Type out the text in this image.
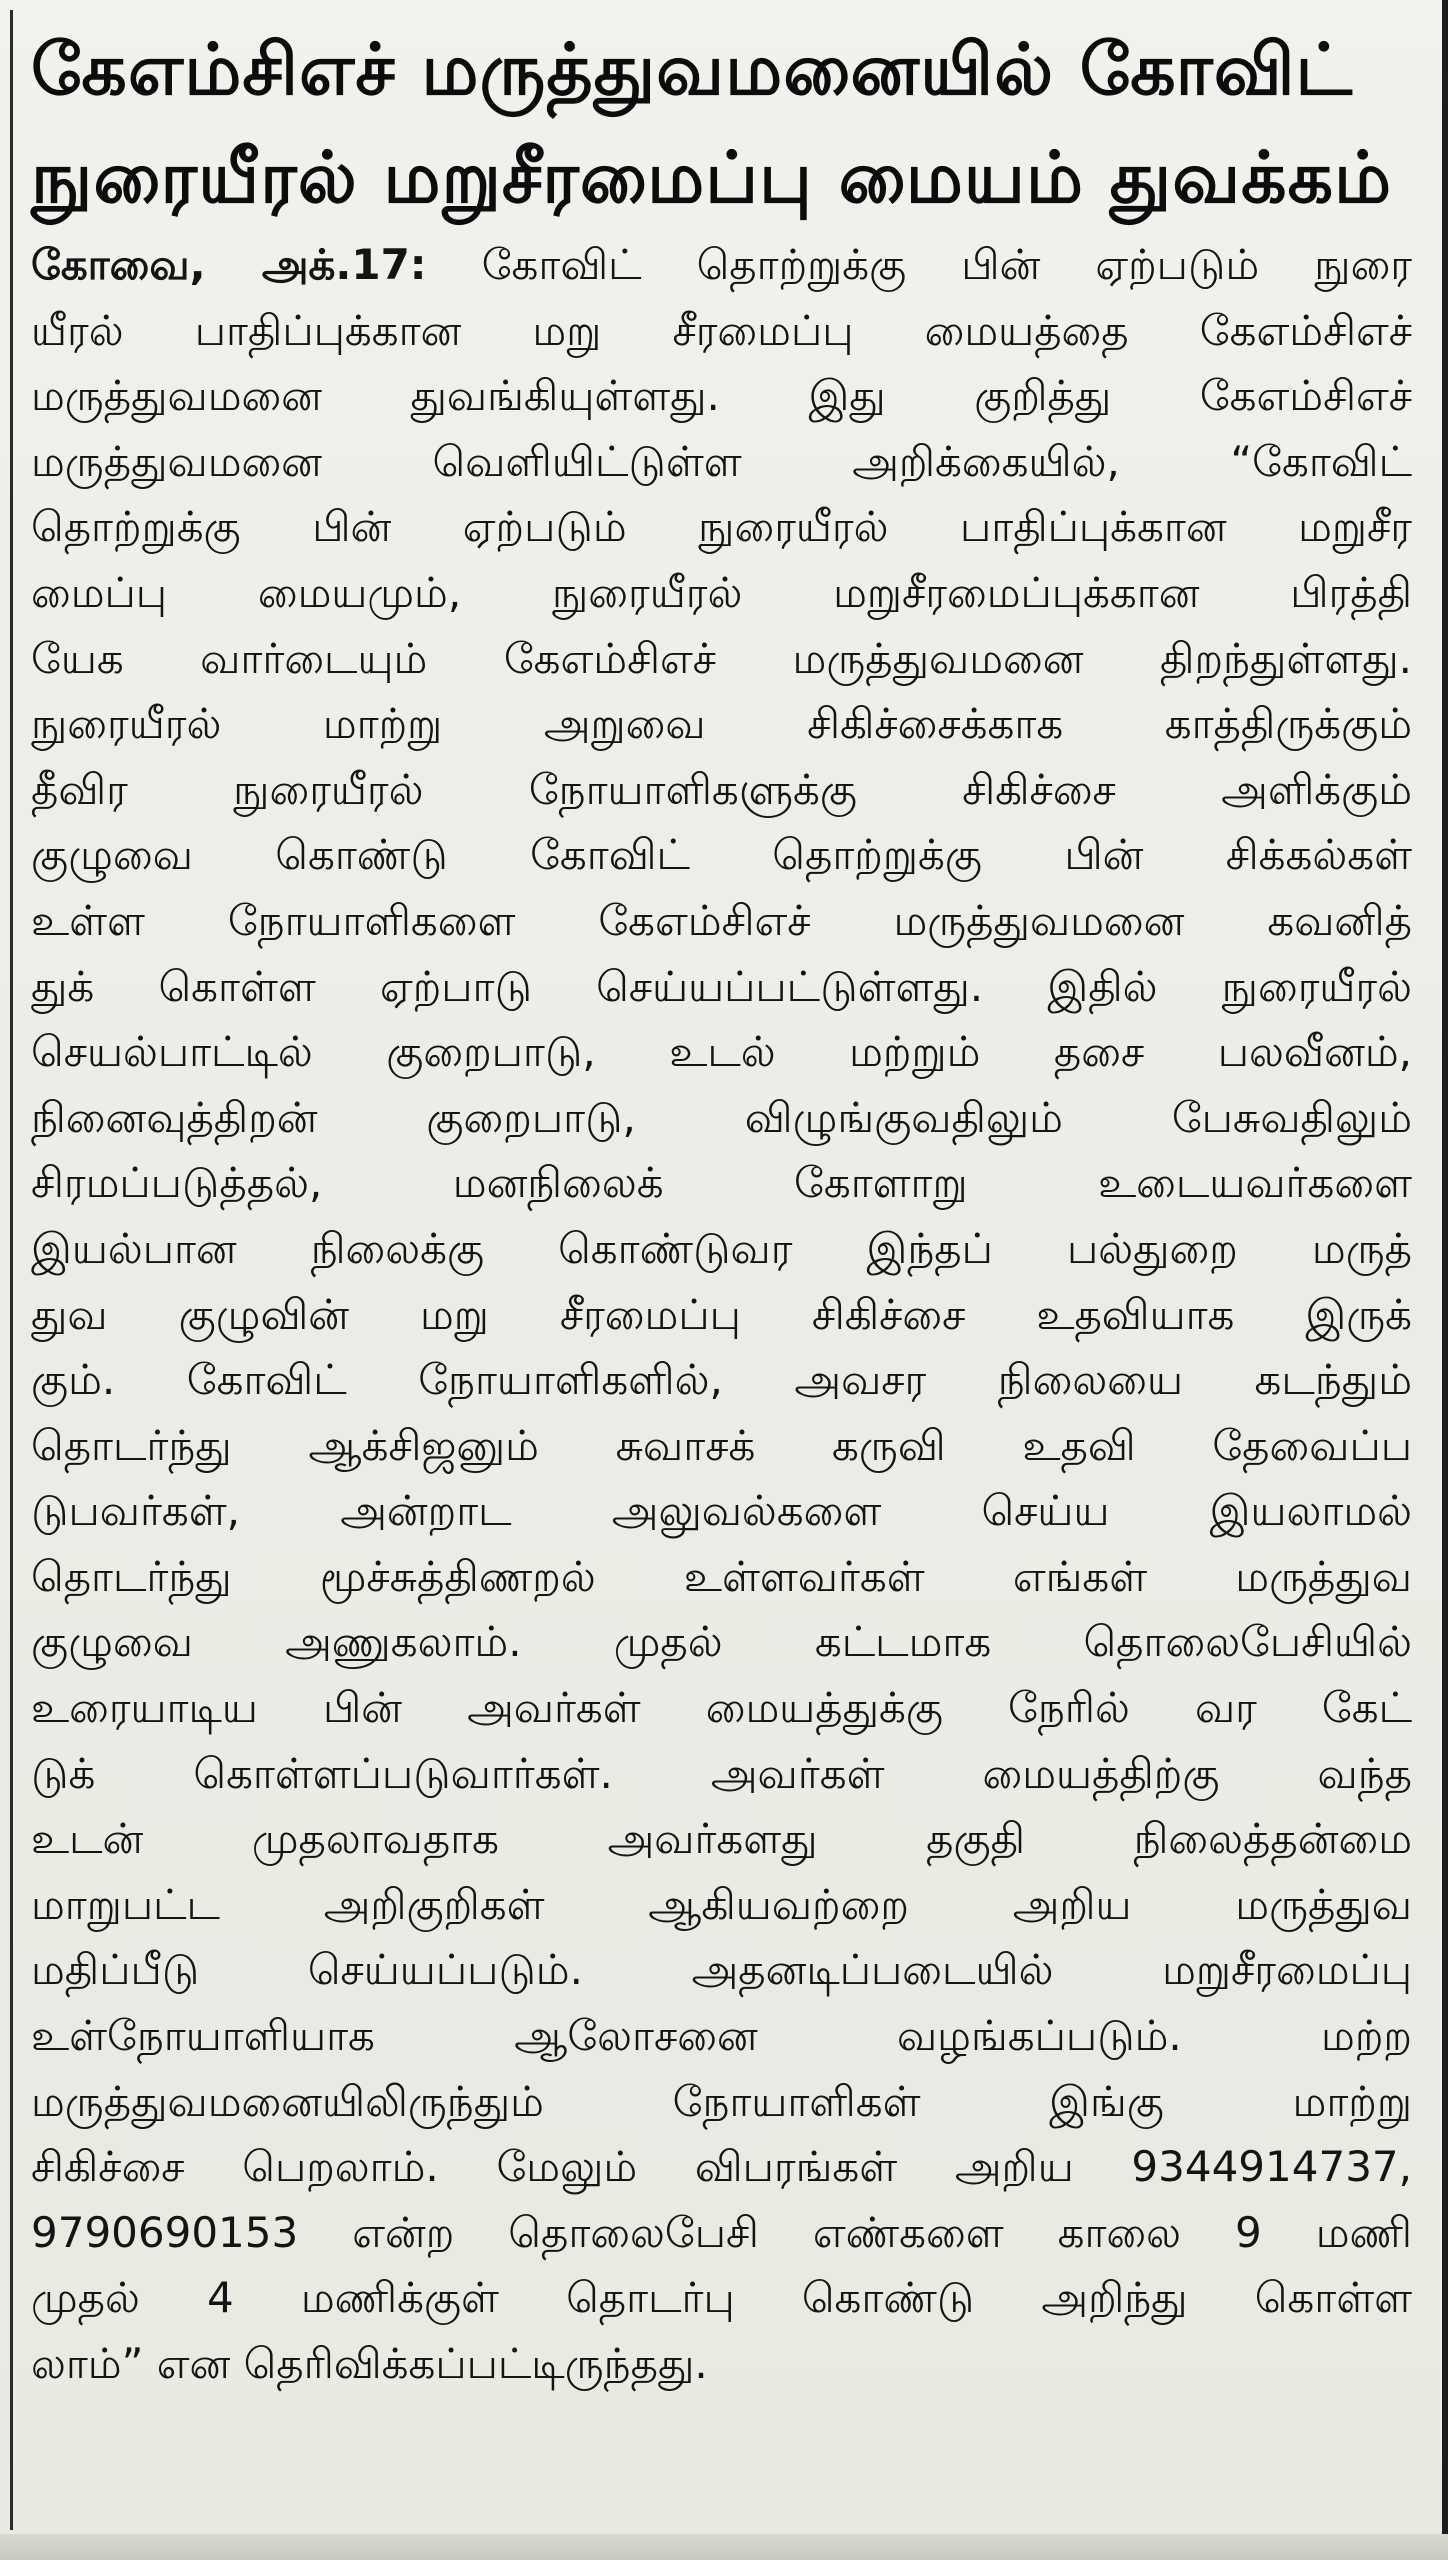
கேஎம்சிஎச் மருத்துவமனையில் கோவிட்
நுரையீரல் மறுசீரமைப்பு மையம் துவக்கம்
கோவை, அக்.17: கோவிட் தொற்றுக்கு பின் ஏற்படும் நுரை
யீரல் பாதிப்புக்கான மறு சீரமைப்பு மையத்தை கேஎம்சிஎச்
மருத்துவமனை துவங்கியுள்ளது. இது குறித்து கேஎம்சிஎச்
மருத்துவமனை வெளியிட்டுள்ள அறிக்கையில், “கோவிட்
தொற்றுக்கு பின் ஏற்படும் நுரையீரல் பாதிப்புக்கான மறுசீர
மைப்பு மையமும், நுரையீரல் மறுசீரமைப்புக்கான பிரத்தி
யேக வார்டையும் கேஎம்சிஎச் மருத்துவமனை திறந்துள்ளது.
நுரையீரல் மாற்று அறுவை சிகிச்சைக்காக காத்திருக்கும்
தீவிர நுரையீரல் நோயாளிகளுக்கு சிகிச்சை அளிக்கும்
குழுவை கொண்டு கோவிட் தொற்றுக்கு பின் சிக்கல்கள்
உள்ள நோயாளிகளை கேஎம்சிஎச் மருத்துவமனை கவனித்
துக் கொள்ள ஏற்பாடு செய்யப்பட்டுள்ளது. இதில் நுரையீரல்
செயல்பாட்டில் குறைபாடு, உடல் மற்றும் தசை பலவீனம்,
நினைவுத்திறன் குறைபாடு, விழுங்குவதிலும் பேசுவதிலும்
சிரமப்படுத்தல், மனநிலைக் கோளாறு உடையவர்களை
இயல்பான நிலைக்கு கொண்டுவர இந்தப் பல்துறை மருத்
துவ குழுவின் மறு சீரமைப்பு சிகிச்சை உதவியாக இருக்
கும். கோவிட் நோயாளிகளில், அவசர நிலையை கடந்தும்
தொடர்ந்து ஆக்சிஜனும் சுவாசக் கருவி உதவி தேவைப்ப
டுபவர்கள், அன்றாட அலுவல்களை செய்ய இயலாமல்
தொடர்ந்து மூச்சுத்திணறல் உள்ளவர்கள் எங்கள் மருத்துவ
குழுவை அணுகலாம். முதல் கட்டமாக தொலைபேசியில்
உரையாடிய பின் அவர்கள் மையத்துக்கு நேரில் வர கேட்
டுக் கொள்ளப்படுவார்கள். அவர்கள் மையத்திற்கு வந்த
உடன் முதலாவதாக அவர்களது தகுதி நிலைத்தன்மை
மாறுபட்ட அறிகுறிகள் ஆகியவற்றை அறிய மருத்துவ
மதிப்பீடு செய்யப்படும். அதனடிப்படையில் மறுசீரமைப்பு
உள்நோயாளியாக ஆலோசனை வழங்கப்படும். மற்ற
மருத்துவமனையிலிருந்தும் நோயாளிகள் இங்கு மாற்று
சிகிச்சை பெறலாம். மேலும் விபரங்கள் அறிய 9344914737,
9790690153 என்ற தொலைபேசி எண்களை காலை 9 மணி
முதல் 4 மணிக்குள் தொடர்பு கொண்டு அறிந்து கொள்ள
லாம்” என தெரிவிக்கப்பட்டிருந்தது.
